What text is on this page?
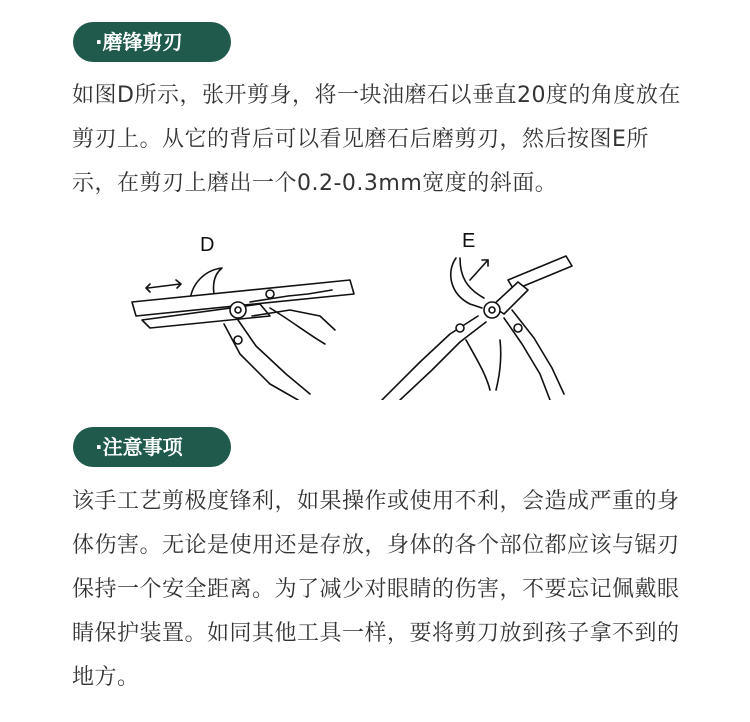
·磨锋剪刃
如图D所示，张开剪身，将一块油磨石以垂直20度的角度放在剪刃上。从它的背后可以看见磨石后磨剪刃，然后按图E所示，在剪刃上磨出一个0.2-0.3mm宽度的斜面。
D	E
·注意事项
该手工艺剪极度锋利，如果操作或使用不利，会造成严重的身体伤害。无论是使用还是存放，身体的各个部位都应该与锯刃保持一个安全距离。为了减少对眼睛的伤害，不要忘记佩戴眼睛保护装置。如同其他工具一样，要将剪刀放到孩子拿不到的地方。
